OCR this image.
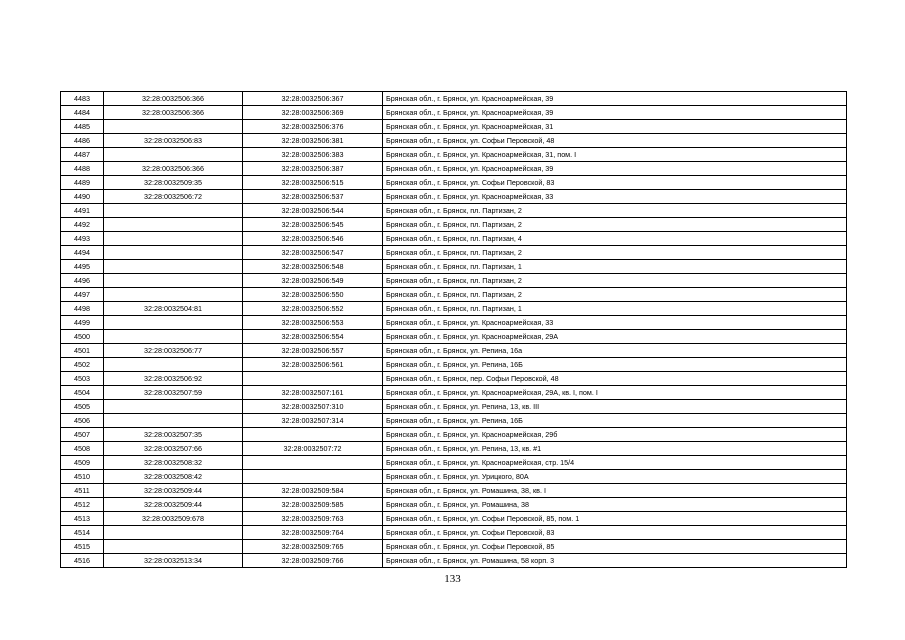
4483	32:28:0032506:366	32:28:0032506:367	Брянская обл., г. Брянск, ул. Красноармейская, 39
4484	32:28:0032506:366	32:28:0032506:369	Брянская обл., г. Брянск, ул. Красноармейская, 39
4485		32:28:0032506:376	Брянская обл., г. Брянск, ул. Красноармейская, 31
4486	32:28:0032506:83	32:28:0032506:381	Брянская обл., г. Брянск, ул. Софьи Перовской, 48
4487		32:28:0032506:383	Брянская обл., г. Брянск, ул. Красноармейская, 31, пом. I
4488	32:28:0032506:366	32:28:0032506:387	Брянская обл., г. Брянск, ул. Красноармейская, 39
4489	32:28:0032509:35	32:28:0032506:515	Брянская обл., г. Брянск, ул. Софьи Перовской, 83
4490	32:28:0032506:72	32:28:0032506:537	Брянская обл., г. Брянск, ул. Красноармейская, 33
4491		32:28:0032506:544	Брянская обл., г. Брянск, пл. Партизан, 2
4492		32:28:0032506:545	Брянская обл., г. Брянск, пл. Партизан, 2
4493		32:28:0032506:546	Брянская обл., г. Брянск, пл. Партизан, 4
4494		32:28:0032506:547	Брянская обл., г. Брянск, пл. Партизан, 2
4495		32:28:0032506:548	Брянская обл., г. Брянск, пл. Партизан, 1
4496		32:28:0032506:549	Брянская обл., г. Брянск, пл. Партизан, 2
4497		32:28:0032506:550	Брянская обл., г. Брянск, пл. Партизан, 2
4498	32:28:0032504:81	32:28:0032506:552	Брянская обл., г. Брянск, пл. Партизан, 1
4499		32:28:0032506:553	Брянская обл., г. Брянск, ул. Красноармейская, 33
4500		32:28:0032506:554	Брянская обл., г. Брянск, ул. Красноармейская, 29А
4501	32:28:0032506:77	32:28:0032506:557	Брянская обл., г. Брянск, ул. Репина, 16а
4502		32:28:0032506:561	Брянская обл., г. Брянск, ул. Репина, 16Б
4503	32:28:0032506:92		Брянская обл., г. Брянск, пер. Софьи Перовской, 48
4504	32:28:0032507:59	32:28:0032507:161	Брянская обл., г. Брянск, ул. Красноармейская, 29А, кв. I, пом. I
4505		32:28:0032507:310	Брянская обл., г. Брянск, ул. Репина, 13, кв. III
4506		32:28:0032507:314	Брянская обл., г. Брянск, ул. Репина, 16Б
4507	32:28:0032507:35		Брянская обл., г. Брянск, ул. Красноармейская, 29б
4508	32:28:0032507:66	32:28:0032507:72	Брянская обл., г. Брянск, ул. Репина, 13, кв. #1
4509	32:28:0032508:32		Брянская обл., г. Брянск, ул. Красноармейская, стр. 15/4
4510	32:28:0032508:42		Брянская обл., г. Брянск, ул. Урицкого, 80А
4511	32:28:0032509:44	32:28:0032509:584	Брянская обл., г. Брянск, ул. Ромашина, 38, кв. I
4512	32:28:0032509:44	32:28:0032509:585	Брянская обл., г. Брянск, ул. Ромашина, 38
4513	32:28:0032509:678	32:28:0032509:763	Брянская обл., г. Брянск, ул. Софьи Перовской, 85, пом. 1
4514		32:28:0032509:764	Брянская обл., г. Брянск, ул. Софьи Перовской, 83
4515		32:28:0032509:765	Брянская обл., г. Брянск, ул. Софьи Перовской, 85
4516	32:28:0032513:34	32:28:0032509:766	Брянская обл., г. Брянск, ул. Ромашина, 58 корп. 3
133
